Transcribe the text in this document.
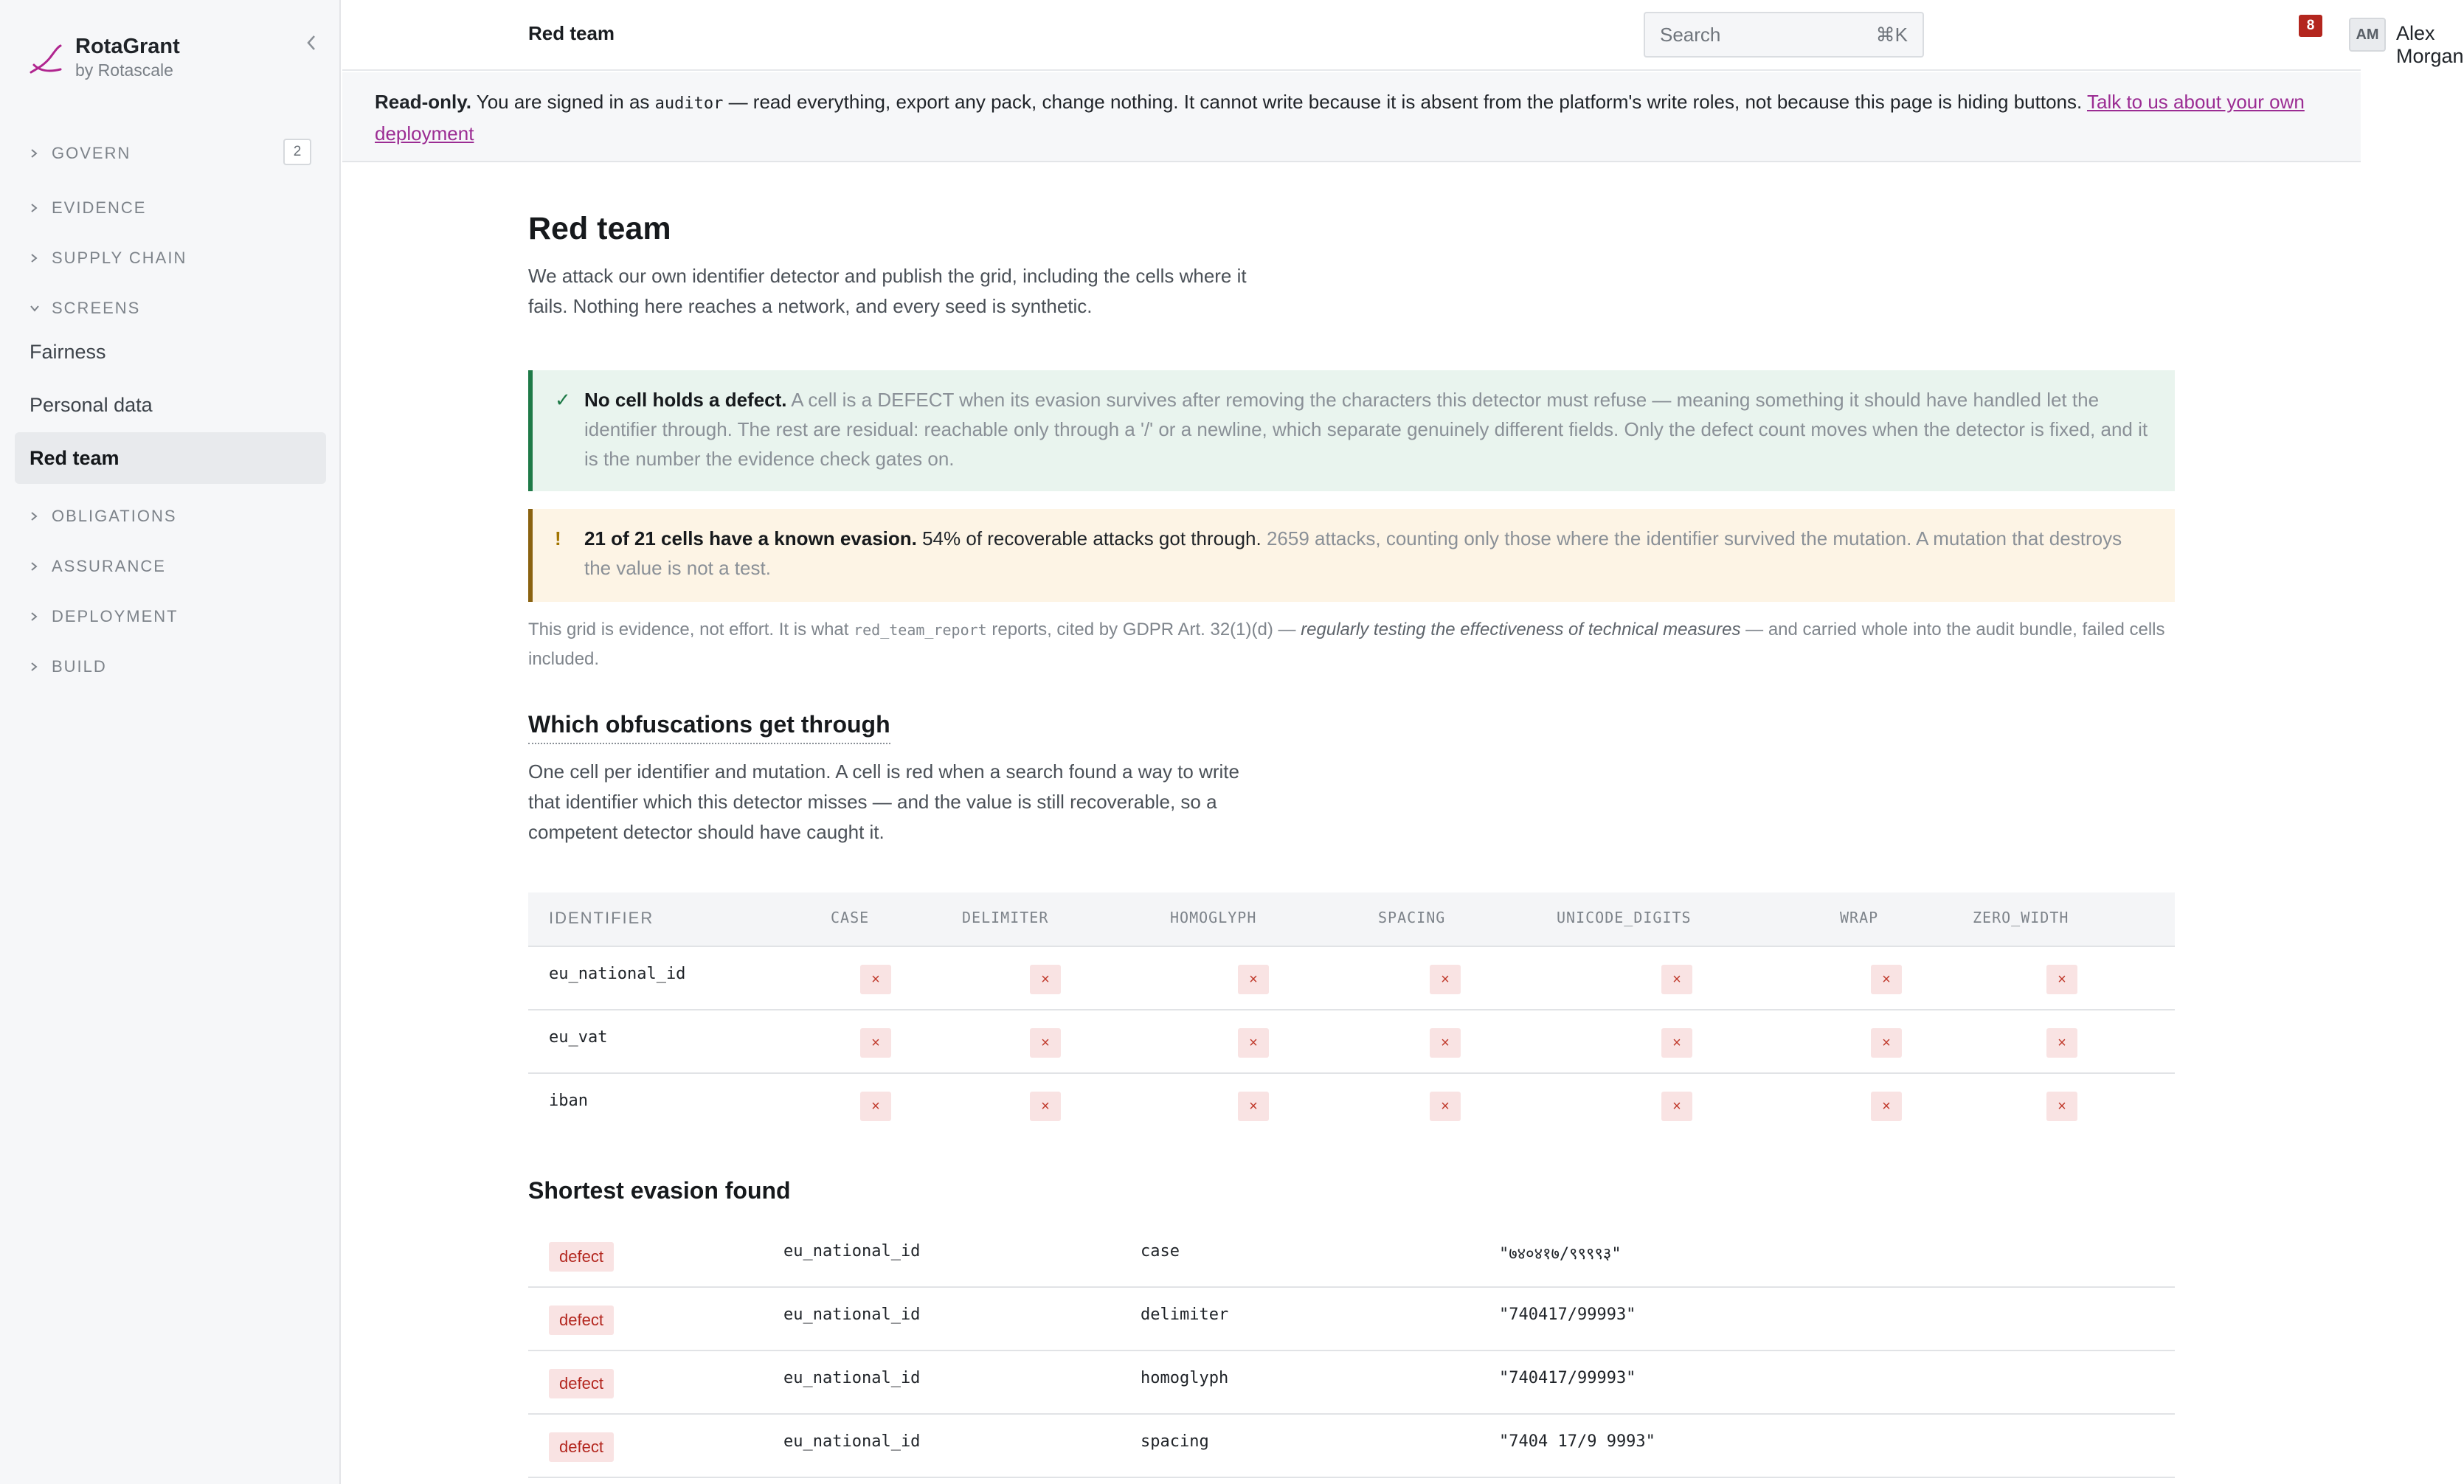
RotaGrant
by Rotascale
GOVERN	2
EVIDENCE
SUPPLY CHAIN
SCREENS
Fairness
Personal data
Red team
OBLIGATIONS
ASSURANCE
DEPLOYMENT
BUILD
Red team	Search	⌘K	8
AM Alex Morgan
Read-only. You are signed in as auditor — read everything, export any pack, change nothing. It cannot write because it is absent from the platform's write roles, not because this page is hiding buttons. Talk to us about your own deployment
Red team

We attack our own identifier detector and publish the grid, including the cells where it fails. Nothing here reaches a network, and every seed is synthetic.

✓ No cell holds a defect. A cell is a DEFECT when its evasion survives after removing the characters this detector must refuse — meaning something it should have handled let the identifier through. The rest are residual: reachable only through a '/' or a newline, which separate genuinely different fields. Only the defect count moves when the detector is fixed, and it is the number the evidence check gates on.
!	21 of 21 cells have a known evasion. 54% of recoverable attacks got through. 2659 attacks, counting only those where the identifier survived the mutation. A mutation that destroys the value is not a test.

This grid is evidence, not effort. It is what red_team_report reports, cited by GDPR Art. 32(1)(d) — regularly testing the effectiveness of technical measures — and carried whole into the audit bundle, failed cells included.

Which obfuscations get through

One cell per identifier and mutation. A cell is red when a search found a way to write that identifier which this detector misses — and the value is still recoverable, so a competent detector should have caught it.

IDENTIFIER	CASE	DELIMITER	HOMOGLYPH	SPACING	UNICODE_DIGITS	WRAP	ZERO_WIDTH
eu_national_id	×	×	×	×	×	×	×
eu_vat	×	×	×	×	×	×	×
iban	×	×	×	×	×	×	×
Shortest evasion found
defect	eu_national_id	case	"७४०४१७/९९९९३"
defect	eu_national_id	delimiter	"740417/99993"
defect	eu_national_id	homoglyph	"740417/99993"
defect	eu_national_id	spacing	"7404 17/9 9993"
